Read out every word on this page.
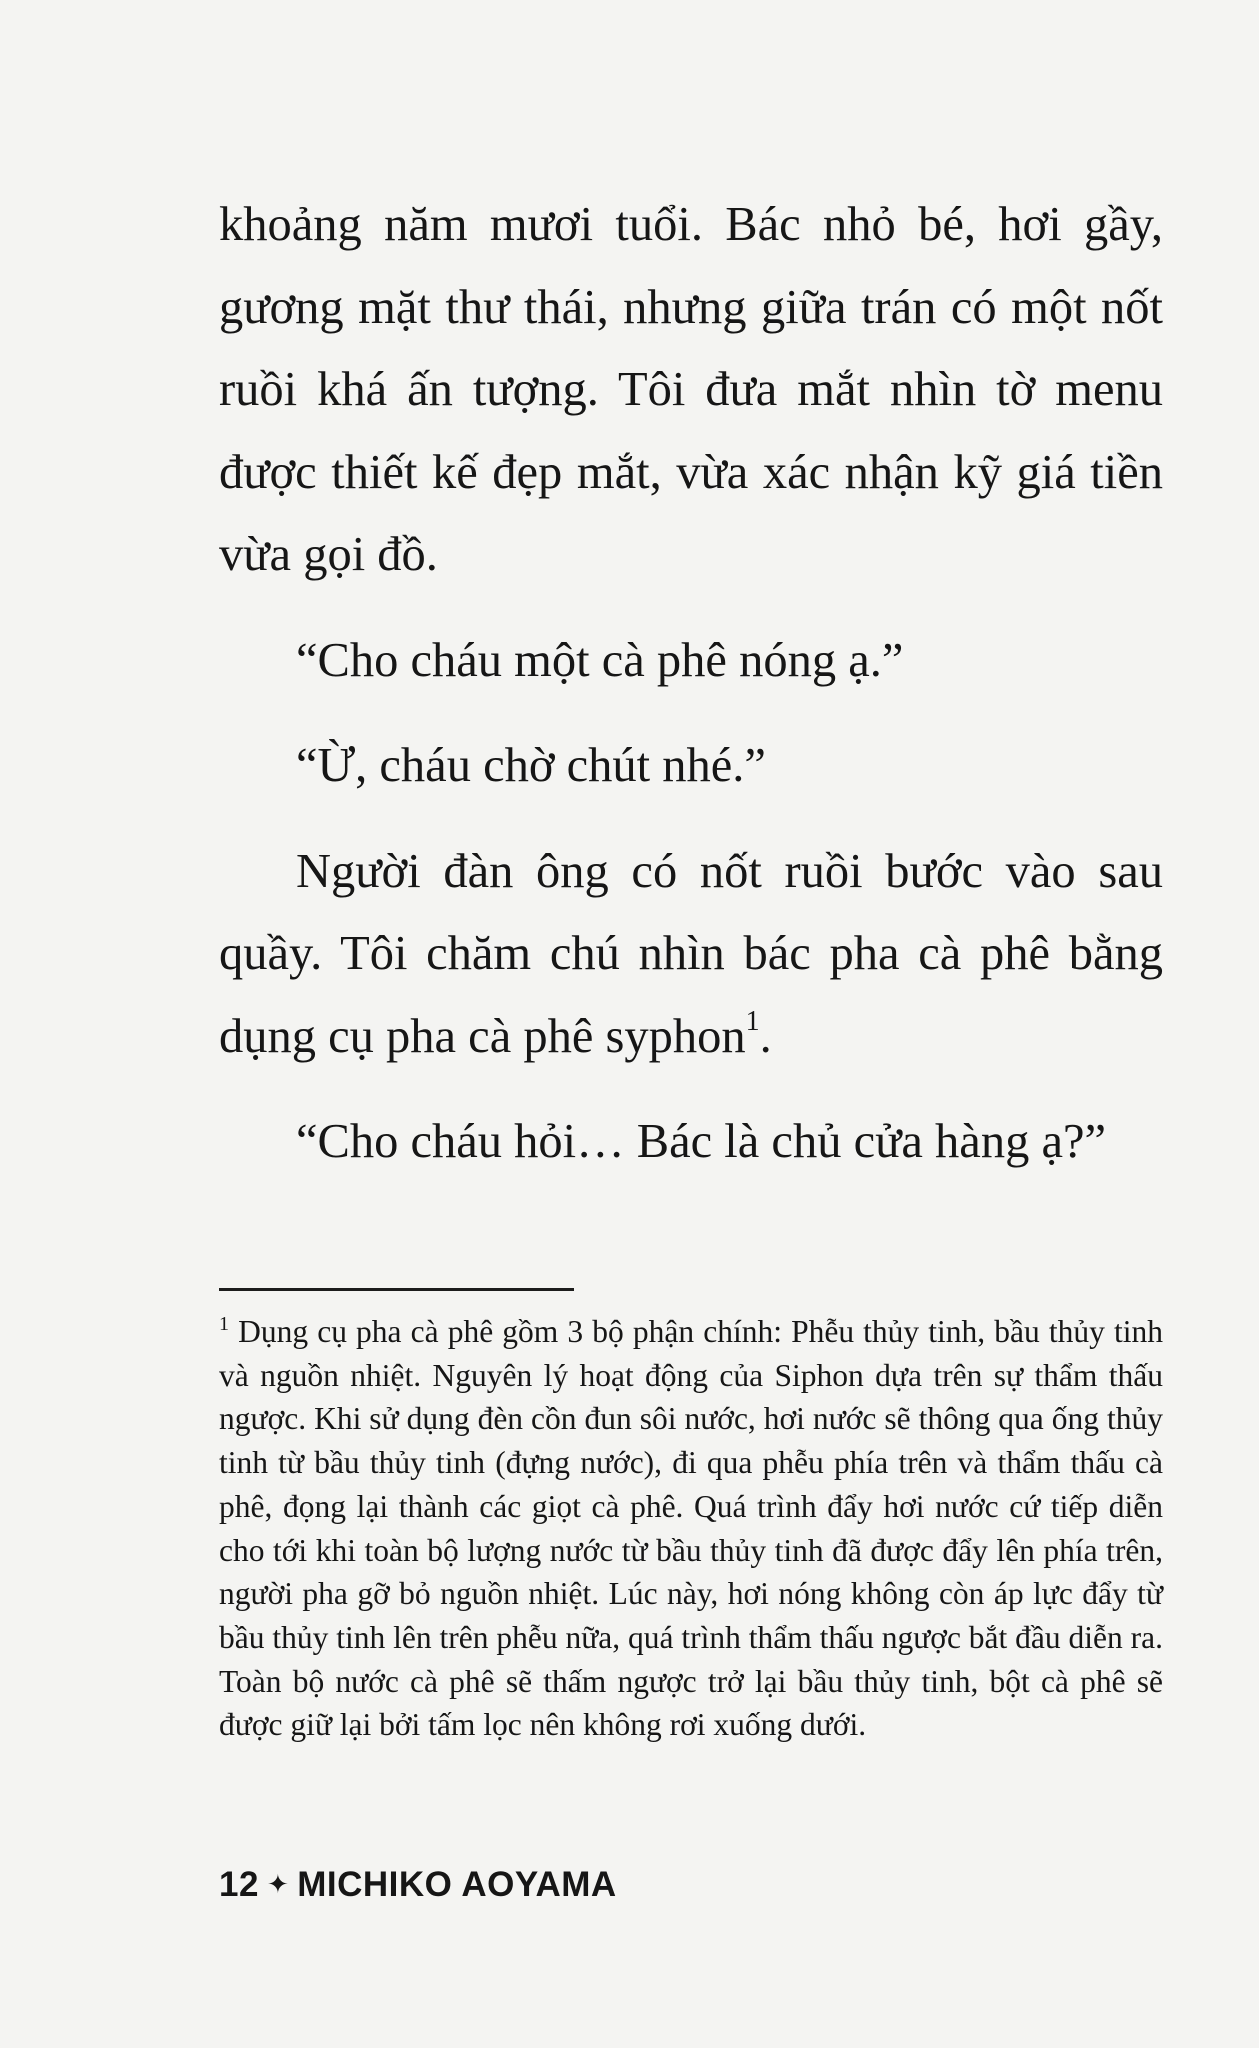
khoảng năm mươi tuổi. Bác nhỏ bé, hơi gầy, gương mặt thư thái, nhưng giữa trán có một nốt ruồi khá ấn tượng. Tôi đưa mắt nhìn tờ menu được thiết kế đẹp mắt, vừa xác nhận kỹ giá tiền vừa gọi đồ.

“Cho cháu một cà phê nóng ạ.”

“Ừ, cháu chờ chút nhé.”

Người đàn ông có nốt ruồi bước vào sau quầy. Tôi chăm chú nhìn bác pha cà phê bằng dụng cụ pha cà phê syphon$^1$.

“Cho cháu hỏi… Bác là chủ cửa hàng ạ?”

$^1$ Dụng cụ pha cà phê gồm 3 bộ phận chính: Phễu thủy tinh, bầu thủy tinh và nguồn nhiệt. Nguyên lý hoạt động của Siphon dựa trên sự thẩm thấu ngược. Khi sử dụng đèn cồn đun sôi nước, hơi nước sẽ thông qua ống thủy tinh từ bầu thủy tinh (đựng nước), đi qua phễu phía trên và thẩm thấu cà phê, đọng lại thành các giọt cà phê. Quá trình đẩy hơi nước cứ tiếp diễn cho tới khi toàn bộ lượng nước từ bầu thủy tinh đã được đẩy lên phía trên, người pha gỡ bỏ nguồn nhiệt. Lúc này, hơi nóng không còn áp lực đẩy từ bầu thủy tinh lên trên phễu nữa, quá trình thẩm thấu ngược bắt đầu diễn ra. Toàn bộ nước cà phê sẽ thấm ngược trở lại bầu thủy tinh, bột cà phê sẽ được giữ lại bởi tấm lọc nên không rơi xuống dưới.

12 ✦ MICHIKO AOYAMA
